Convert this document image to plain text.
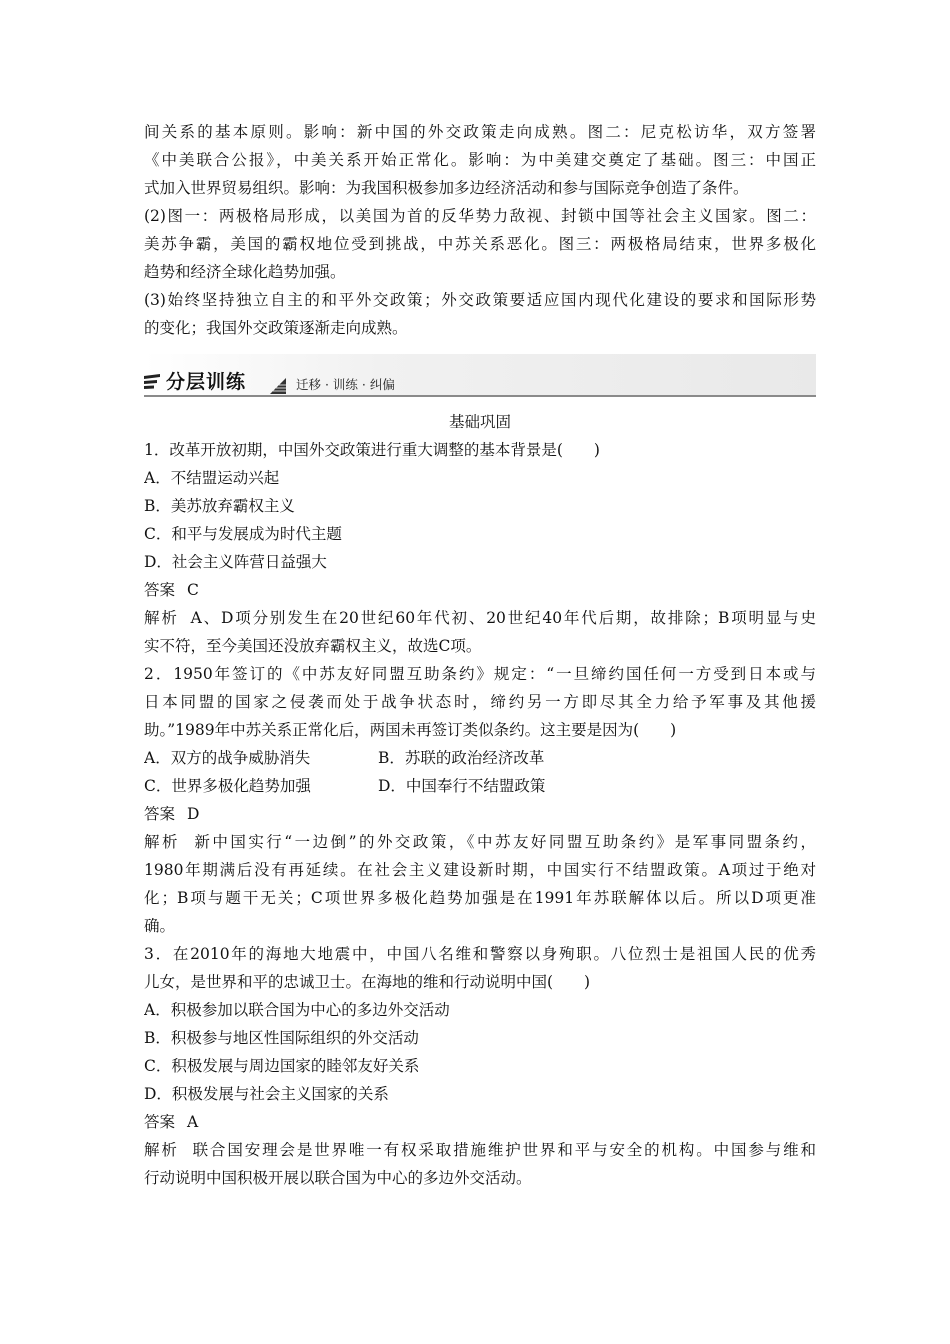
间关系的基本原则。影响：新中国的外交政策走向成熟。图二：尼克松访华，双方签署
《中美联合公报》，中美关系开始正常化。影响：为中美建交奠定了基础。图三：中国正
式加入世界贸易组织。影响：为我国积极参加多边经济活动和参与国际竞争创造了条件。
(2)图一：两极格局形成，以美国为首的反华势力敌视、封锁中国等社会主义国家。图二：
美苏争霸，美国的霸权地位受到挑战，中苏关系恶化。图三：两极格局结束，世界多极化
趋势和经济全球化趋势加强。
(3)始终坚持独立自主的和平外交政策；外交政策要适应国内现代化建设的要求和国际形势
的变化；我国外交政策逐渐走向成熟。
分层训练	迁移 · 训练 · 纠偏
基础巩固
1．改革开放初期，中国外交政策进行重大调整的基本背景是(　　)
A．不结盟运动兴起
B．美苏放弃霸权主义
C．和平与发展成为时代主题
D．社会主义阵营日益强大
答案 C
解析 A、D项分别发生在20世纪60年代初、20世纪40年代后期，故排除；B项明显与史
实不符，至今美国还没放弃霸权主义，故选C项。
2．1950年签订的《中苏友好同盟互助条约》规定：“一旦缔约国任何一方受到日本或与
日本同盟的国家之侵袭而处于战争状态时，缔约另一方即尽其全力给予军事及其他援
助。”1989年中苏关系正常化后，两国未再签订类似条约。这主要是因为(　　)
A．双方的战争威胁消失	B．苏联的政治经济改革
C．世界多极化趋势加强	D．中国奉行不结盟政策
答案 D
解析 新中国实行“一边倒”的外交政策，《中苏友好同盟互助条约》是军事同盟条约，
1980年期满后没有再延续。在社会主义建设新时期，中国实行不结盟政策。A项过于绝对
化；B项与题干无关；C项世界多极化趋势加强是在1991年苏联解体以后。所以D项更准
确。
3．在2010年的海地大地震中，中国八名维和警察以身殉职。八位烈士是祖国人民的优秀
儿女，是世界和平的忠诚卫士。在海地的维和行动说明中国(　　)
A．积极参加以联合国为中心的多边外交活动
B．积极参与地区性国际组织的外交活动
C．积极发展与周边国家的睦邻友好关系
D．积极发展与社会主义国家的关系
答案 A
解析 联合国安理会是世界唯一有权采取措施维护世界和平与安全的机构。中国参与维和
行动说明中国积极开展以联合国为中心的多边外交活动。
